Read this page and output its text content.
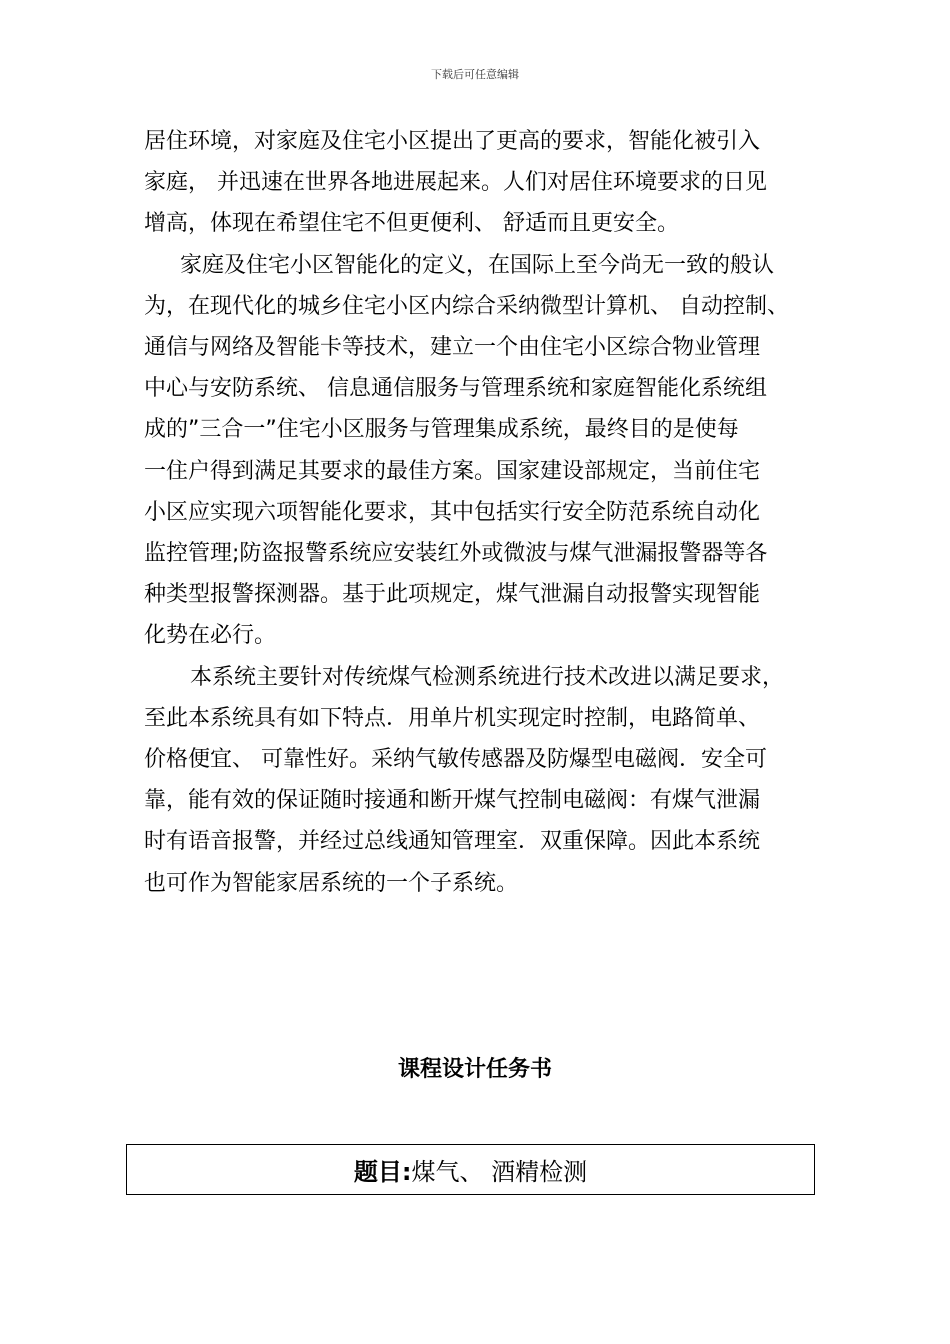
下载后可任意编辑
居住环境，对家庭及住宅小区提出了更高的要求，智能化被引入
家庭， 并迅速在世界各地进展起来。人们对居住环境要求的日见
增高，体现在希望住宅不但更便利、 舒适而且更安全。
家庭及住宅小区智能化的定义，在国际上至今尚无一致的般认
为，在现代化的城乡住宅小区内综合采纳微型计算机、 自动控制、
通信与网络及智能卡等技术，建立一个由住宅小区综合物业管理
中心与安防系统、 信息通信服务与管理系统和家庭智能化系统组
成的”三合一”住宅小区服务与管理集成系统，最终目的是使每
一住户得到满足其要求的最佳方案。国家建设部规定，当前住宅
小区应实现六项智能化要求，其中包括实行安全防范系统自动化
监控管理;防盗报警系统应安装红外或微波与煤气泄漏报警器等各
种类型报警探测器。基于此项规定，煤气泄漏自动报警实现智能
化势在必行。
本系统主要针对传统煤气检测系统进行技术改进以满足要求，
至此本系统具有如下特点．用单片机实现定时控制，电路简单、
价格便宜、 可靠性好。采纳气敏传感器及防爆型电磁阀．安全可
靠，能有效的保证随时接通和断开煤气控制电磁阀：有煤气泄漏
时有语音报警，并经过总线通知管理室．双重保障。因此本系统
也可作为智能家居系统的一个子系统。
课程设计任务书
题目: 煤气、 酒精检测
